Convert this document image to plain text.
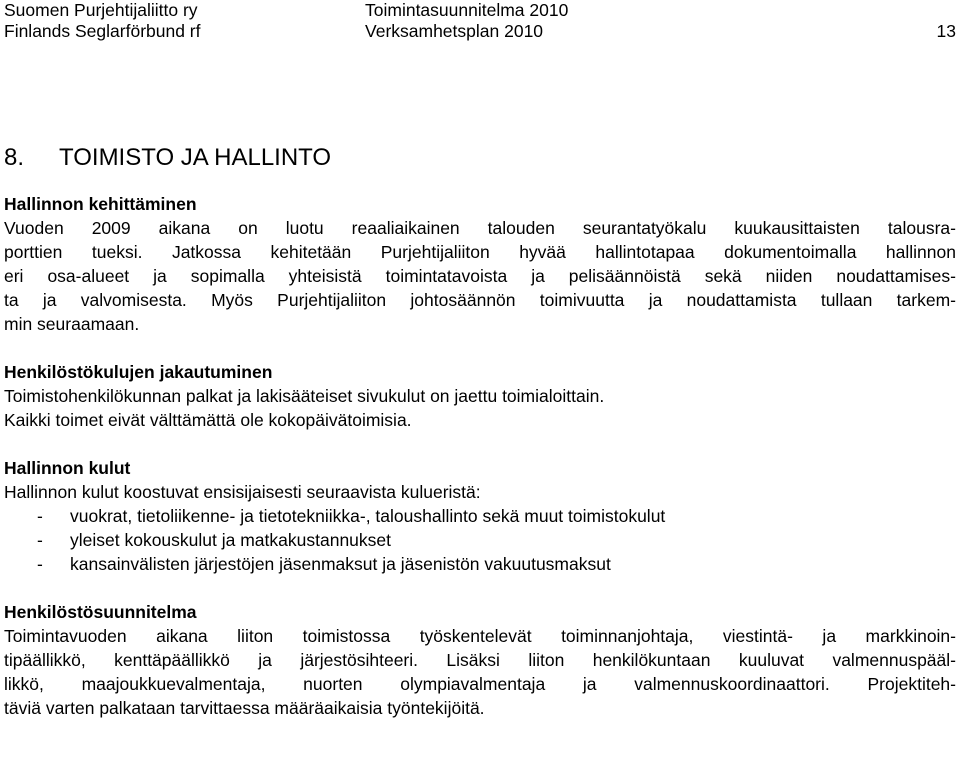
Suomen Purjehtijaliitto ry	Toimintasuunnitelma 2010
Finlands Seglarförbund rf	Verksamhetsplan 2010	13
8. TOIMISTO JA HALLINTO

Hallinnon kehittäminen

Vuoden 2009 aikana on luotu reaaliaikainen talouden seurantatyökalu kuukausittaisten talousra-
porttien tueksi. Jatkossa kehitetään Purjehtijaliiton hyvää hallintotapaa dokumentoimalla hallinnon
eri osa-alueet ja sopimalla yhteisistä toimintatavoista ja pelisäännöistä sekä niiden noudattamises-
ta ja valvomisesta. Myös Purjehtijaliiton johtosäännön toimivuutta ja noudattamista tullaan tarkem-
min seuraamaan.

Henkilöstökulujen jakautuminen

Toimistohenkilökunnan palkat ja lakisääteiset sivukulut on jaettu toimialoittain.
Kaikki toimet eivät välttämättä ole kokopäivätoimisia.

Hallinnon kulut

Hallinnon kulut koostuvat ensisijaisesti seuraavista kulueristä:

- vuokrat, tietoliikenne- ja tietotekniikka-, taloushallinto sekä muut toimistokulut
- yleiset kokouskulut ja matkakustannukset
- kansainvälisten järjestöjen jäsenmaksut ja jäsenistön vakuutusmaksut

Henkilöstösuunnitelma

Toimintavuoden aikana liiton toimistossa työskentelevät toiminnanjohtaja, viestintä- ja markkinoin-
tipäällikkö, kenttäpäällikkö ja järjestösihteeri. Lisäksi liiton henkilökuntaan kuuluvat valmennuspääl-
likkö, maajoukkuevalmentaja, nuorten olympiavalmentaja ja valmennuskoordinaattori. Projektiteh-
täviä varten palkataan tarvittaessa määräaikaisia työntekijöitä.
